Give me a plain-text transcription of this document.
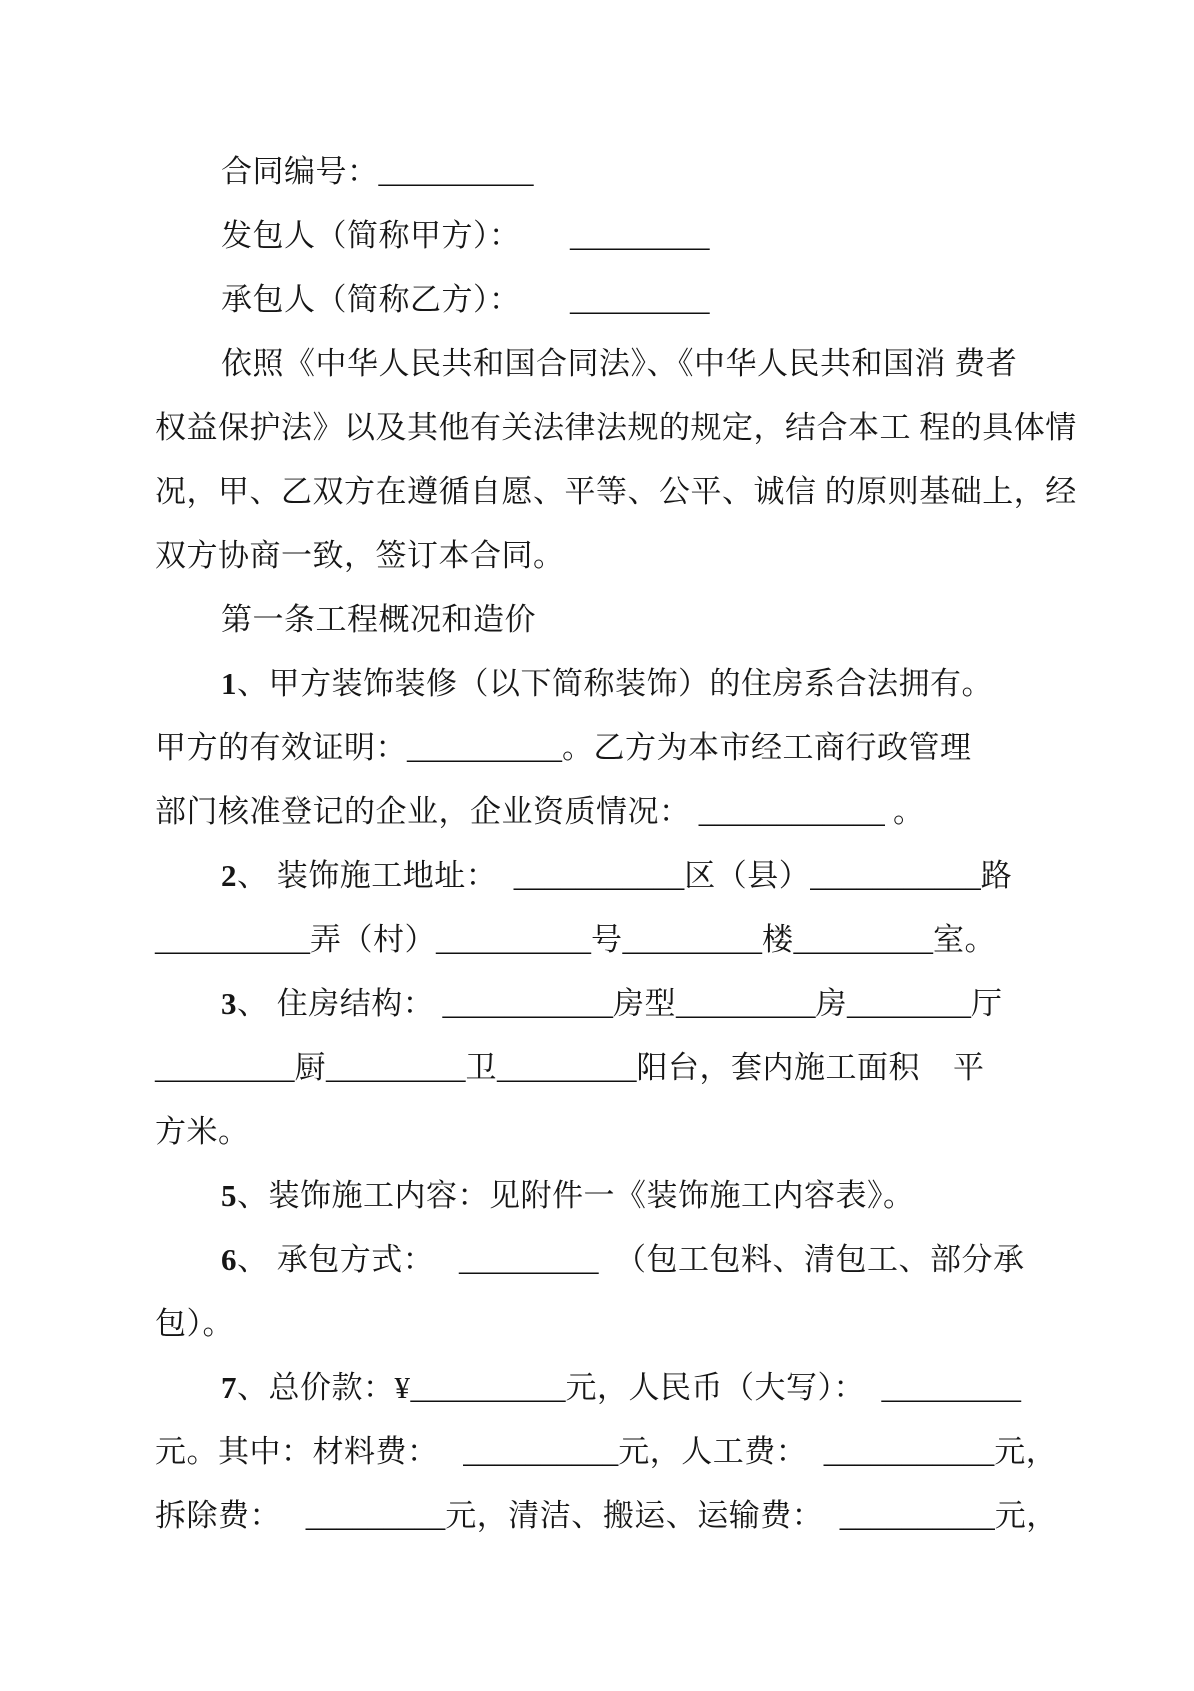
合同编号：__________

发包人（简称甲方）： _________

承包人（简称乙方）： _________

依照《中华人民共和国合同法》、《中华人民共和国消 费者

权益保护法》以及其他有关法律法规的规定，结合本工 程的具体情

况，甲、乙双方在遵循自愿、平等、公平、诚信 的原则基础上，经

双方协商一致，签订本合同。

第一条工程概况和造价

1、甲方装饰装修（以下简称装饰）的住房系合法拥有。

甲方的有效证明：__________。乙方为本市经工商行政管理

部门核准登记的企业，企业资质情况： ____________ 。

2、 装饰施工地址： ___________区（县）___________路

__________弄（村）__________号_________楼_________室。

3、 住房结构： ___________房型_________房________厅

_________厨_________卫_________阳台，套内施工面积 平

方米。

5、装饰施工内容：见附件一《装饰施工内容表》。

6、 承包方式： _________  （包工包料、清包工、部分承

包）。

7、总价款：¥__________元，人民币（大写）： _________

元。其中：材料费： __________元，人工费： ___________元，

拆除费： _________元，清洁、搬运、运输费： __________元，
